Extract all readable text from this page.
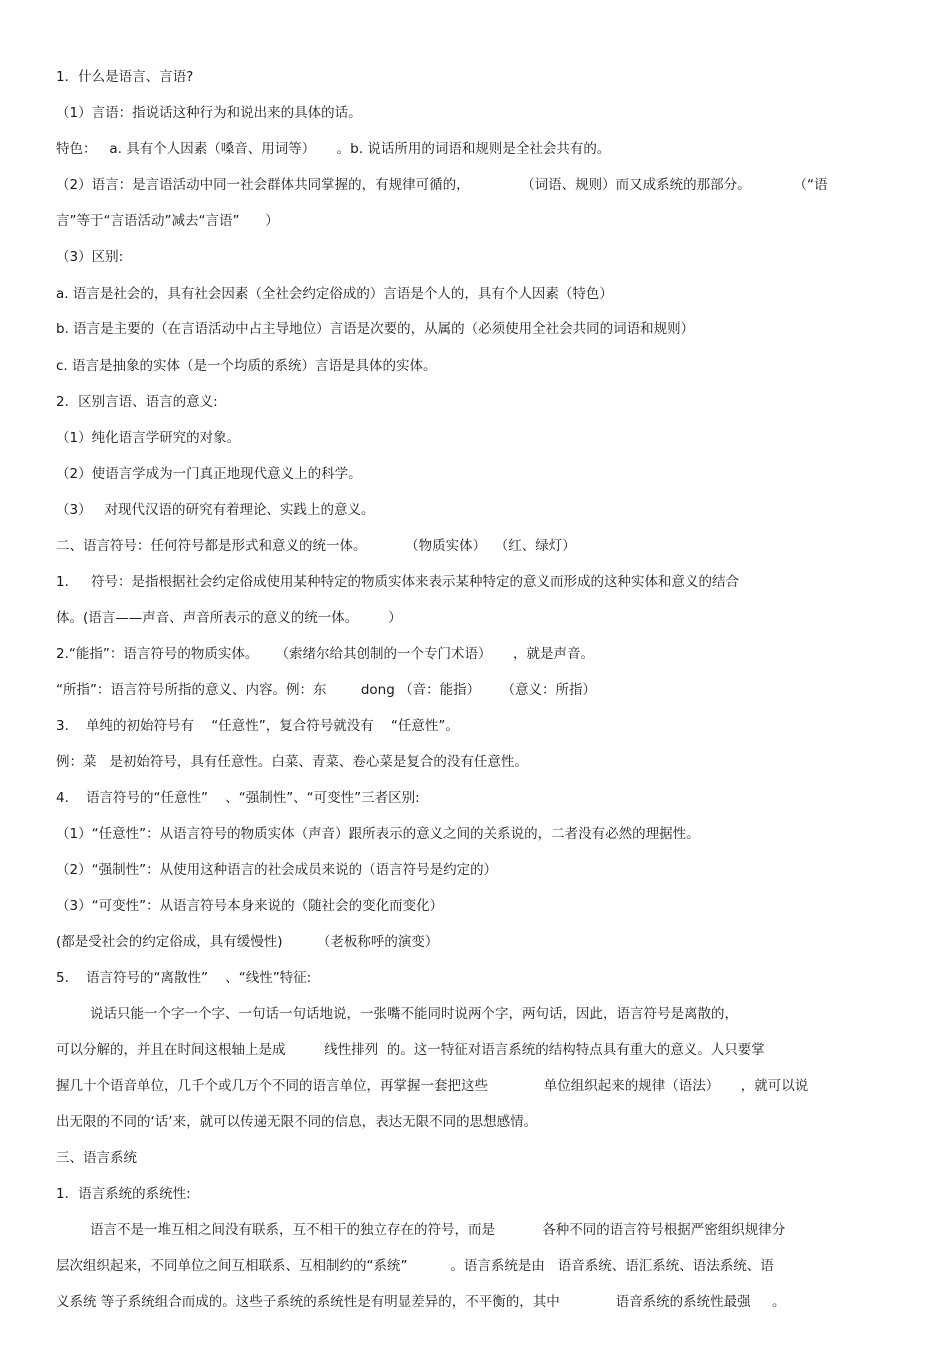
1．什么是语言、言语?
（1）言语：指说话这种行为和说出来的具体的话。
特色：   a. 具有个人因素（嗓音、用词等）     。b. 说话所用的词语和规则是全社会共有的。
（2）语言：是言语活动中同一社会群体共同掌握的，有规律可循的，            （词语、规则）而又成系统的那部分。          （“语
言”等于“言语活动”减去“言语”      ）
（3）区别:
a. 语言是社会的，具有社会因素（全社会约定俗成的）言语是个人的，具有个人因素（特色）
b. 语言是主要的（在言语活动中占主导地位）言语是次要的，从属的（必须使用全社会共同的词语和规则）
c. 语言是抽象的实体（是一个均质的系统）言语是具体的实体。
2．区别言语、语言的意义:
（1）纯化语言学研究的对象。
（2）使语言学成为一门真正地现代意义上的科学。
（3）   对现代汉语的研究有着理论、实践上的意义。
二、语言符号：任何符号都是形式和意义的统一体。         （物质实体）  （红、绿灯）
1．   符号：是指根据社会约定俗成使用某种特定的物质实体来表示某种特定的意义而形成的这种实体和意义的结合
体。(语言——声音、声音所表示的意义的统一体。       ）
2.“能指”：语言符号的物质实体。    （索绪尔给其创制的一个专门术语）     ，就是声音。
“所指”：语言符号所指的意义、内容。例：东        dong （音：能指）     （意义：所指）
3.    单纯的初始符号有    “任意性”，复合符号就没有    “任意性”。
例：菜   是初始符号，具有任意性。白菜、青菜、卷心菜是复合的没有任意性。
4.    语言符号的“任意性”    、“强制性”、“可变性”三者区别:
（1）“任意性”：从语言符号的物质实体（声音）跟所表示的意义之间的关系说的，二者没有必然的理据性。
（2）“强制性”：从使用这种语言的社会成员来说的（语言符号是约定的）
（3）“可变性”：从语言符号本身来说的（随社会的变化而变化）
(都是受社会的约定俗成，具有缓慢性)        （老板称呼的演变）
5.    语言符号的“离散性”    、“线性”特征:
说话只能一个字一个字、一句话一句话地说，一张嘴不能同时说两个字，两句话，因此，语言符号是离散的，
可以分解的，并且在时间这根轴上是成         线性排列  的。这一特征对语言系统的结构特点具有重大的意义。人只要掌
握几十个语音单位，几千个或几万个不同的语言单位，再掌握一套把这些             单位组织起来的规律（语法）     ，就可以说
出无限的不同的‘话’来，就可以传递无限不同的信息，表达无限不同的思想感情。
三、语言系统
1．语言系统的系统性:
语言不是一堆互相之间没有联系，互不相干的独立存在的符号，而是           各种不同的语言符号根据严密组织规律分
层次组织起来，不同单位之间互相联系、互相制约的“系统”          。语言系统是由   语音系统、语汇系统、语法系统、语
义系统 等子系统组合而成的。这些子系统的系统性是有明显差异的，不平衡的，其中             语音系统的系统性最强     。
